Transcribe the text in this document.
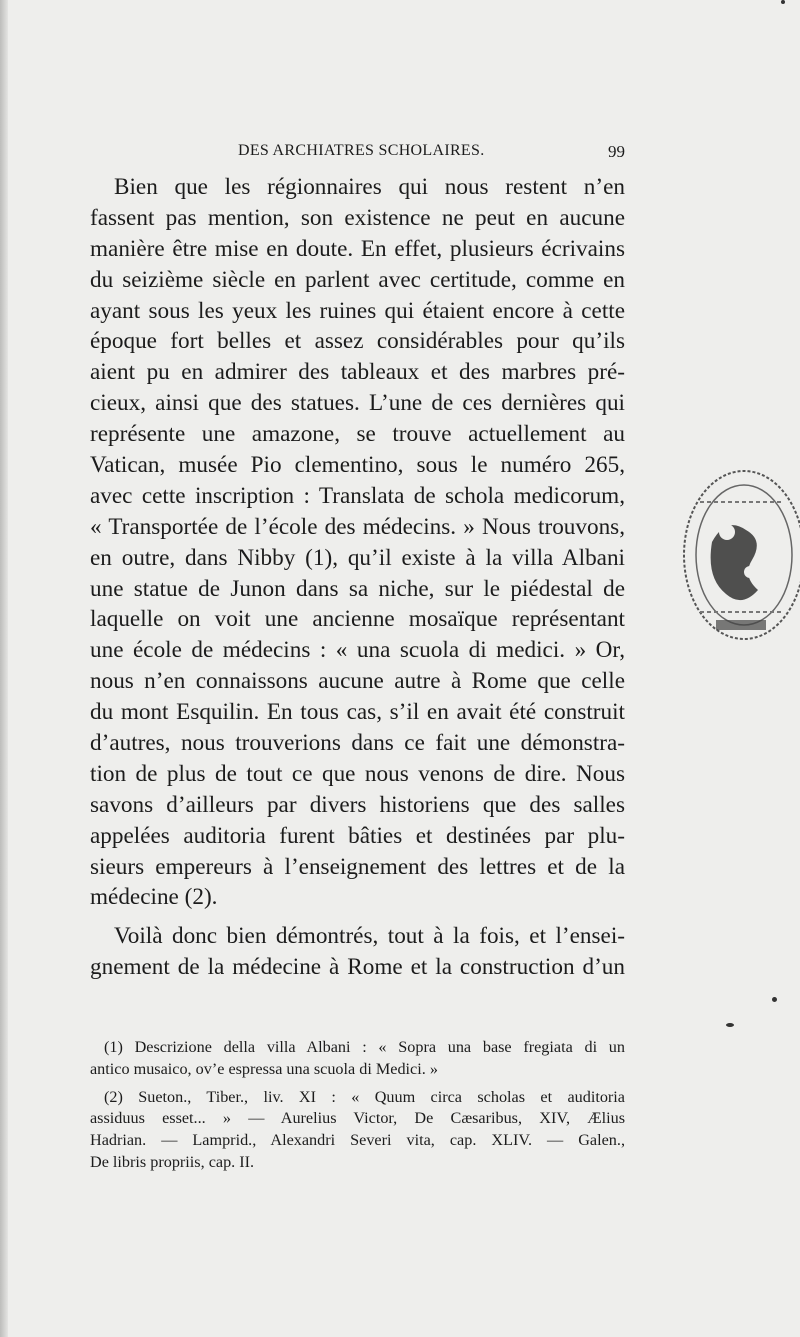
DES ARCHIATRES SCHOLAIRES.	99
Bien que les régionnaires qui nous restent n’en
fassent pas mention, son existence ne peut en aucune
manière être mise en doute. En effet, plusieurs écrivains
du seizième siècle en parlent avec certitude, comme en
ayant sous les yeux les ruines qui étaient encore à cette
époque fort belles et assez considérables pour qu’ils
aient pu en admirer des tableaux et des marbres pré-
cieux, ainsi que des statues. L’une de ces dernières qui
représente une amazone, se trouve actuellement au
Vatican, musée Pio clementino, sous le numéro 265,
avec cette inscription : Translata de schola medicorum,
« Transportée de l’école des médecins. » Nous trouvons,
en outre, dans Nibby (1), qu’il existe à la villa Albani
une statue de Junon dans sa niche, sur le piédestal de
laquelle on voit une ancienne mosaïque représentant
une école de médecins : « una scuola di medici. » Or,
nous n’en connaissons aucune autre à Rome que celle
du mont Esquilin. En tous cas, s’il en avait été construit
d’autres, nous trouverions dans ce fait une démonstra-
tion de plus de tout ce que nous venons de dire. Nous
savons d’ailleurs par divers historiens que des salles
appelées auditoria furent bâties et destinées par plu-
sieurs empereurs à l’enseignement des lettres et de la
médecine (2).
Voilà donc bien démontrés, tout à la fois, et l’ensei-
gnement de la médecine à Rome et la construction d’un
(1) Descrizione della villa Albani : « Sopra una base fregiata di un
antico musaico, ov’e espressa una scuola di Medici. »
(2) Sueton., Tiber., liv. XI : « Quum circa scholas et auditoria
assiduus esset... » — Aurelius Victor, De Cæsaribus, XIV, Ælius
Hadrian. — Lamprid., Alexandri Severi vita, cap. XLIV. — Galen.,
De libris propriis, cap. II.
